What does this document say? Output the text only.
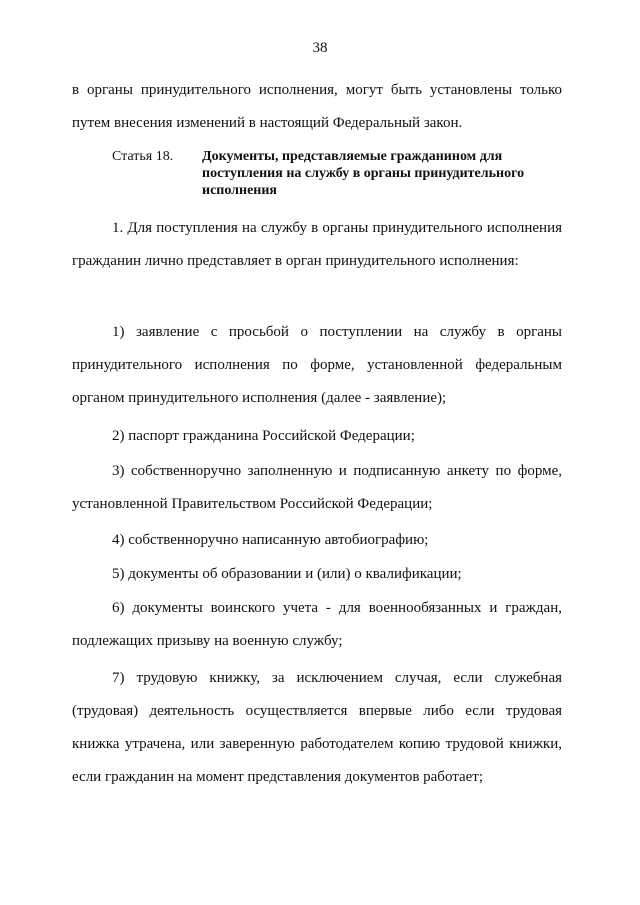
38
в органы принудительного исполнения, могут быть установлены только путем внесения изменений в настоящий Федеральный закон.
Статья 18.	Документы, представляемые гражданином для поступления на службу в органы принудительного исполнения
1. Для поступления на службу в органы принудительного исполнения гражданин лично представляет в орган принудительного исполнения:
1) заявление с просьбой о поступлении на службу в органы принудительного исполнения по форме, установленной федеральным органом принудительного исполнения (далее - заявление);
2) паспорт гражданина Российской Федерации;
3) собственноручно заполненную и подписанную анкету по форме, установленной Правительством Российской Федерации;
4) собственноручно написанную автобиографию;
5) документы об образовании и (или) о квалификации;
6) документы воинского учета - для военнообязанных и граждан, подлежащих призыву на военную службу;
7) трудовую книжку, за исключением случая, если служебная (трудовая) деятельность осуществляется впервые либо если трудовая книжка утрачена, или заверенную работодателем копию трудовой книжки, если гражданин на момент представления документов работает;
